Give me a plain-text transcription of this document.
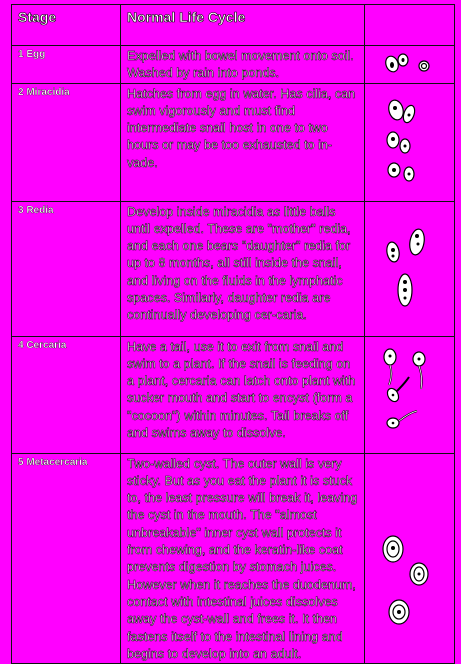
Stage	Normal Life Cycle	
1 Egg	Expelled with bowel movement onto soil. Washed by rain into ponds.	

2 Miracidia	Hatches from egg in water. Has cilia, can swim vigorously and must find intermediate snail host in one to two hours or may be too exhausted to in-vade.	

3 Redia	Develop inside miracidia as little balls until expelled. These are "mother" redia, and each one bears "daughter" redia for up to 8 months, all still inside the snail, and living on the fluids in the lymphatic spaces. Similarly, daughter redia are continually developing cer-caria.	

4 Cercaria	Have a tail, use it to exit from snail and swim to a plant. If the snail is feeding on a plant, cercaria can latch onto plant with sucker mouth and start to encyst (form a "cocoon") within minutes. Tail breaks off and swims away to dissolve.	

5 Metacercaria	Two-walled cyst. The outer wall is very sticky. But as you eat the plant it is stuck to, the least pressure will break it, leaving the cyst in the mouth. The "almost unbreakable" inner cyst wall protects it from chewing, and the keratin-like coat prevents digestion by stomach juices. However when it reaches the duodenum, contact with intestinal juices dissolves away the cyst-wall and frees it. It then fastens itself to the intestinal lining and begins to develop into an adult.
